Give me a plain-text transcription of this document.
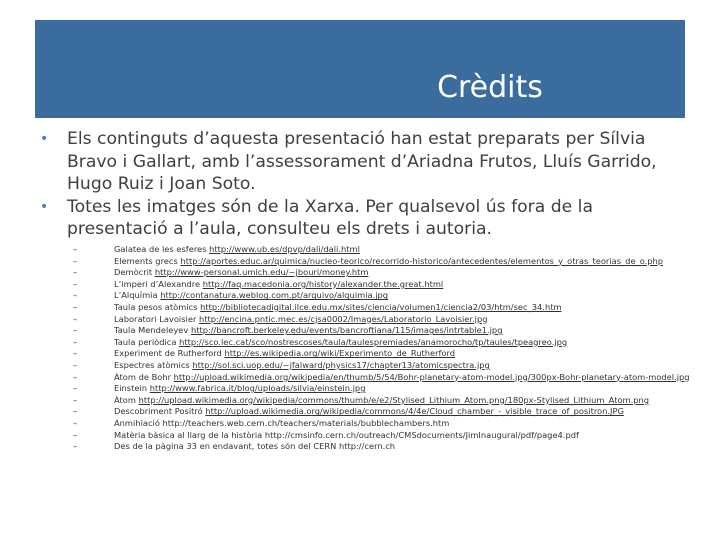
Crèdits
• Els continguts d’aquesta presentació han estat preparats per Sílvia Bravo i Gallart, amb l’assessorament d’Ariadna Frutos, Lluís Garrido, Hugo Ruiz i Joan Soto.
• Totes les imatges són de la Xarxa. Per qualsevol ús fora de la presentació a l’aula, consulteu els drets i autoria.
–	Galatea de les esferes http://www.ub.es/dpvp/dali/dali.html
–	Elements grecs http://aportes.educ.ar/quimica/nucleo-teorico/recorrido-historico/antecedentes/elementos_y_otras_teorias_de_o.php
–	Demòcrit http://www-personal.umich.edu/~jbouri/money.htm
–	L’imperi d’Alexandre http://faq.macedonia.org/history/alexander.the.great.html
–	L’Alquímia http://contanatura.weblog.com.pt/arquivo/alquimia.jpg
–	Taula pesos atòmics http://bibliotecadigital.ilce.edu.mx/sites/ciencia/volumen1/ciencia2/03/htm/sec_34.htm
–	Laboratori Lavoisier http://encina.pntic.mec.es/cjsa0002/Images/Laboratorio_Lavoisier.jpg
–	Taula Mendeleyev http://bancroft.berkeley.edu/events/bancroftiana/115/images/intrtable1.jpg
–	Taula periòdica http://sco.lec.cat/sco/nostrescoses/taula/taulespremiades/anamorocho/tp/taules/tpeagreo.jpg
–	Experiment de Rutherford http://es.wikipedia.org/wiki/Experimento_de_Rutherford
–	Espectres atòmics http://sol.sci.uop.edu/~jfalward/physics17/chapter13/atomicspectra.jpg
–	Àtom de Bohr http://upload.wikimedia.org/wikipedia/en/thumb/5/54/Bohr-planetary-atom-model.jpg/300px-Bohr-planetary-atom-model.jpg
–	Einstein http://www.fabrica.it/blog/uploads/silvia/einstein.jpg
–	Àtom http://upload.wikimedia.org/wikipedia/commons/thumb/e/e2/Stylised_Lithium_Atom.png/180px-Stylised_Lithium_Atom.png
–	Descobriment Positró http://upload.wikimedia.org/wikipedia/commons/4/4e/Cloud_chamber_-_visible_trace_of_positron.JPG
–	Anmihiació http://teachers.web.cern.ch/teachers/materials/bubblechambers.htm
–	Matèria bàsica al llarg de la història http://cmsinfo.cern.ch/outreach/CMSdocuments/JimInaugural/pdf/page4.pdf
–	Des de la pàgina 33 en endavant, totes són del CERN http://cern.ch
